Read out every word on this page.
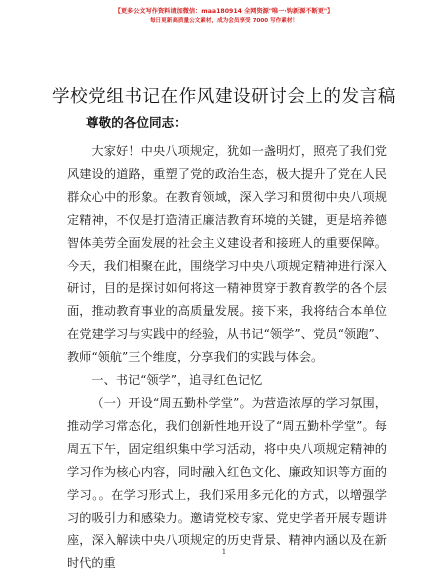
【更多公文写作资料请加微信：maa180914 全网资源"唯一·钩新源不断更"】
每日更新高质量公文素材，成为会员享受 7000 写作素材！
学校党组书记在作风建设研讨会上的发言稿
尊敬的各位同志：

大家好！中央八项规定，犹如一盏明灯，照亮了我们党风建设的道路，重塑了党的政治生态，极大提升了党在人民群众心中的形象。在教育领域，深入学习和贯彻中央八项规定精神，不仅是打造清正廉洁教育环境的关键，更是培养德智体美劳全面发展的社会主义建设者和接班人的重要保障。今天，我们相聚在此，围绕学习中央八项规定精神进行深入研讨，目的是探讨如何将这一精神贯穿于教育教学的各个层面，推动教育事业的高质量发展。接下来，我将结合本单位在党建学习与实践中的经验，从书记“领学”、党员“领跑”、教师“领航”三个维度，分享我们的实践与体会。

一、书记“领学”，追寻红色记忆

（一）开设“周五勤朴学堂”。为营造浓厚的学习氛围，推动学习常态化，我们创新性地开设了“周五勤朴学堂”。每周五下午，固定组织集中学习活动，将中央八项规定精神的学习作为核心内容，同时融入红色文化、廉政知识等方面的学习。。在学习形式上，我们采用多元化的方式，以增强学习的吸引力和感染力。邀请党校专家、党史学者开展专题讲座，深入解读中央八项规定的历史背景、精神内涵以及在新时代的重

1
